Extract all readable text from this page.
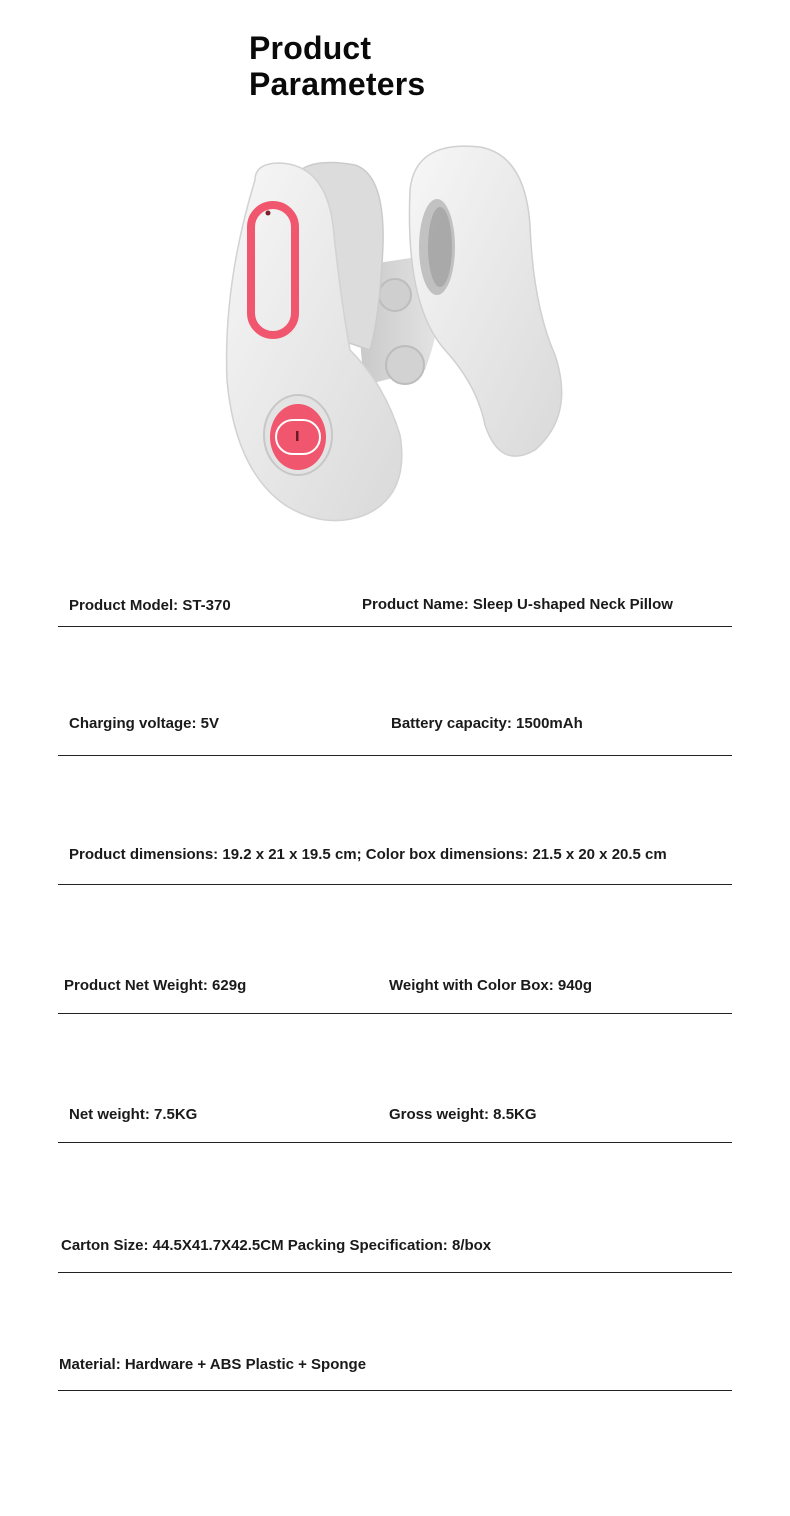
Product
Parameters
Product Model: ST-370	Product Name: Sleep U-shaped Neck Pillow
Charging voltage: 5V	Battery capacity: 1500mAh
Product dimensions: 19.2 x 21 x 19.5 cm; Color box dimensions: 21.5 x 20 x 20.5 cm
Product Net Weight: 629g	Weight with Color Box: 940g
Net weight: 7.5KG	Gross weight: 8.5KG
Carton Size: 44.5X41.7X42.5CM Packing Specification: 8/box
Material: Hardware + ABS Plastic + Sponge
